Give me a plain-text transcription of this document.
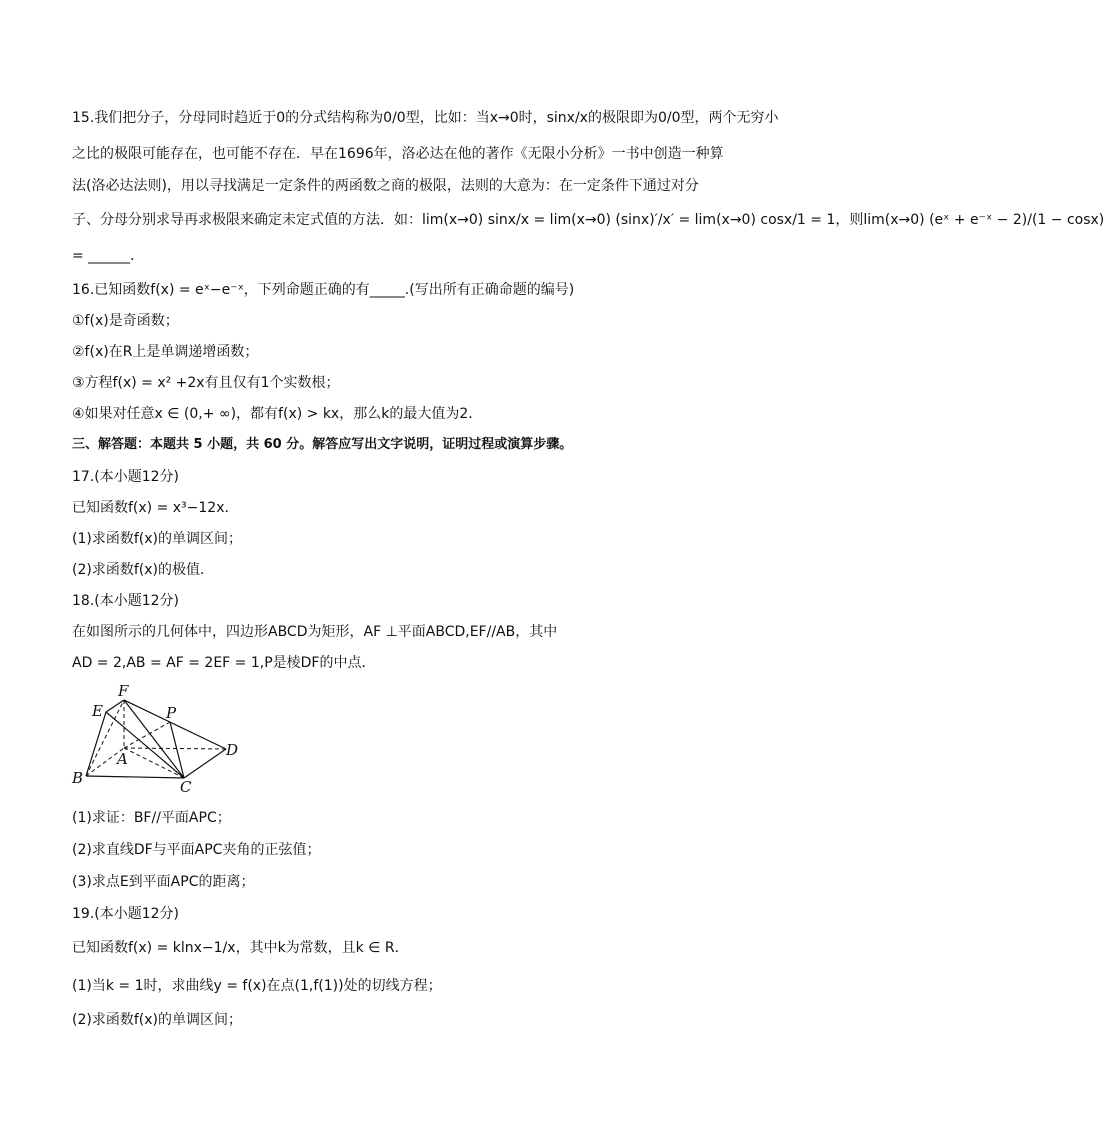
15.我们把分子，分母同时趋近于0的分式结构称为0/0型，比如：当x→0时，sinx/x的极限即为0/0型，两个无穷小
之比的极限可能存在，也可能不存在．早在1696年，洛必达在他的著作《无限小分析》一书中创造一种算
法(洛必达法则)，用以寻找满足一定条件的两函数之商的极限，法则的大意为：在一定条件下通过对分
子、分母分别求导再求极限来确定未定式值的方法．如：lim(x→0) sinx/x = lim(x→0) (sinx)′/x′ = lim(x→0) cosx/1 = 1，则lim(x→0) (eˣ + e⁻ˣ − 2)/(1 − cosx)
= ______．
16.已知函数f(x) = eˣ−e⁻ˣ，下列命题正确的有_____.(写出所有正确命题的编号)
①f(x)是奇函数；
②f(x)在R上是单调递增函数；
③方程f(x) = x² +2x有且仅有1个实数根；
④如果对任意x ∈ (0,+ ∞)，都有f(x) > kx，那么k的最大值为2．
三、解答题：本题共 5 小题，共 60 分。解答应写出文字说明，证明过程或演算步骤。
17.(本小题12分)
已知函数f(x) = x³−12x．
(1)求函数f(x)的单调区间；
(2)求函数f(x)的极值．
18.(本小题12分)
在如图所示的几何体中，四边形ABCD为矩形，AF ⊥平面ABCD,EF//AB，其中
AD = 2,AB = AF = 2EF = 1,P是棱DF的中点．
F
E	P
A
B	C
D
(1)求证：BF//平面APC；
(2)求直线DF与平面APC夹角的正弦值；
(3)求点E到平面APC的距离；
19.(本小题12分)
已知函数f(x) = klnx−1/x，其中k为常数，且k ∈ R．
(1)当k = 1时，求曲线y = f(x)在点(1,f(1))处的切线方程；
(2)求函数f(x)的单调区间；
